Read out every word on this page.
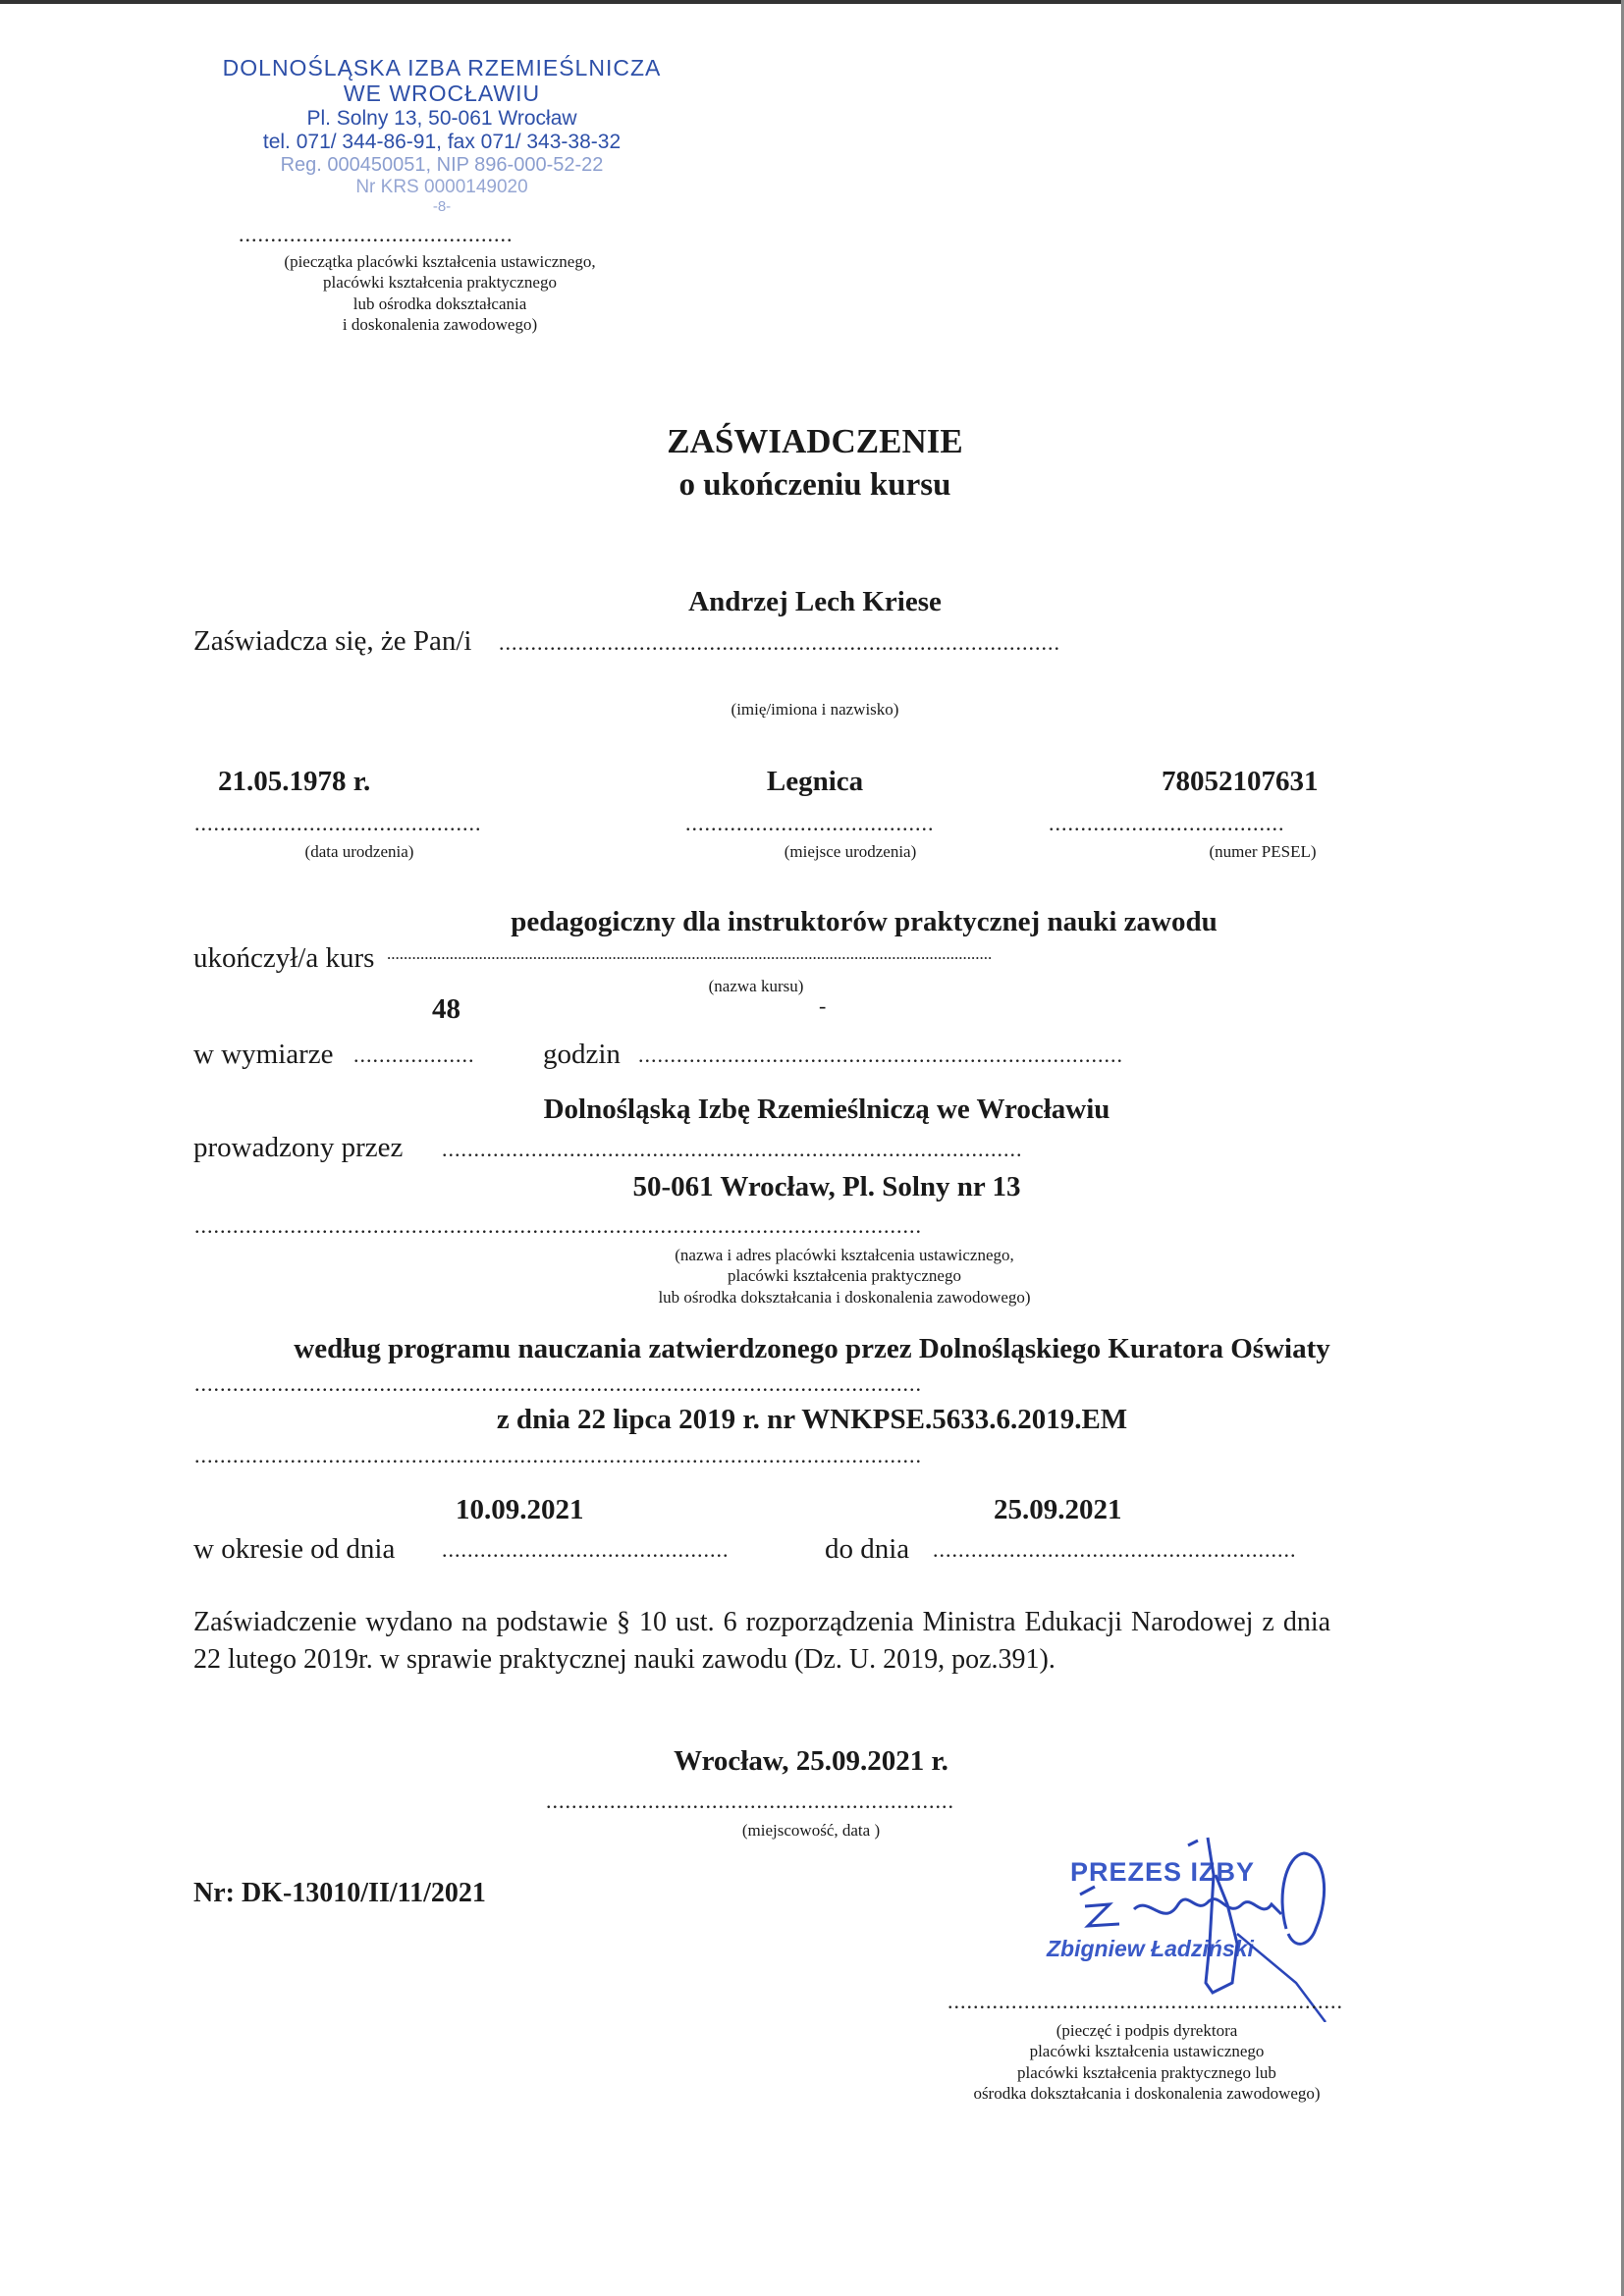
DOLNOŚLĄSKA IZBA RZEMIEŚLNICZA
WE WROCŁAWIU
Pl. Solny 13, 50-061 Wrocław
tel. 071/ 344-86-91, fax 071/ 343-38-32
Reg. 000450051, NIP 896-000-52-22
Nr KRS 0000149020
-8-
...........................................
(pieczątka placówki kształcenia ustawicznego,
placówki kształcenia praktycznego
lub ośrodka dokształcania
i doskonalenia zawodowego)
ZAŚWIADCZENIE
o ukończeniu kursu
Andrzej Lech Kriese
Zaświadcza się, że Pan/i ........................................................................................
(imię/imiona i nazwisko)
21.05.1978 r.	Legnica	78052107631
.............................................	.......................................	.....................................
(data urodzenia)	(miejsce urodzenia)	(numer PESEL)
pedagogiczny dla instruktorów praktycznej nauki zawodu
ukończył/a kurs .................................................................................................................................................
(nazwa kursu)
48	-
w wymiarze ...................	godzin ............................................................................
Dolnośląską Izbę Rzemieślniczą we Wrocławiu
prowadzony przez ...........................................................................................
50-061 Wrocław, Pl. Solny nr 13
..................................................................................................................
(nazwa i adres placówki kształcenia ustawicznego,
placówki kształcenia praktycznego
lub ośrodka dokształcania i doskonalenia zawodowego)
według programu nauczania zatwierdzonego przez Dolnośląskiego Kuratora Oświaty
..................................................................................................................
z dnia 22 lipca 2019 r. nr WNKPSE.5633.6.2019.EM
..................................................................................................................
10.09.2021	25.09.2021
w okresie od dnia .............................................	do dnia .........................................................
Zaświadczenie wydano na podstawie § 10 ust. 6 rozporządzenia Ministra Edukacji Narodowej z dnia
22 lutego 2019r. w sprawie praktycznej nauki zawodu (Dz. U. 2019, poz.391).
Wrocław, 25.09.2021 r.
................................................................
(miejscowość, data )
Nr: DK-13010/II/11/2021
PREZES IZBY
Zbigniew Ładziński
..............................................................
(pieczęć i podpis dyrektora
placówki kształcenia ustawicznego
placówki kształcenia praktycznego lub
ośrodka dokształcania i doskonalenia zawodowego)
